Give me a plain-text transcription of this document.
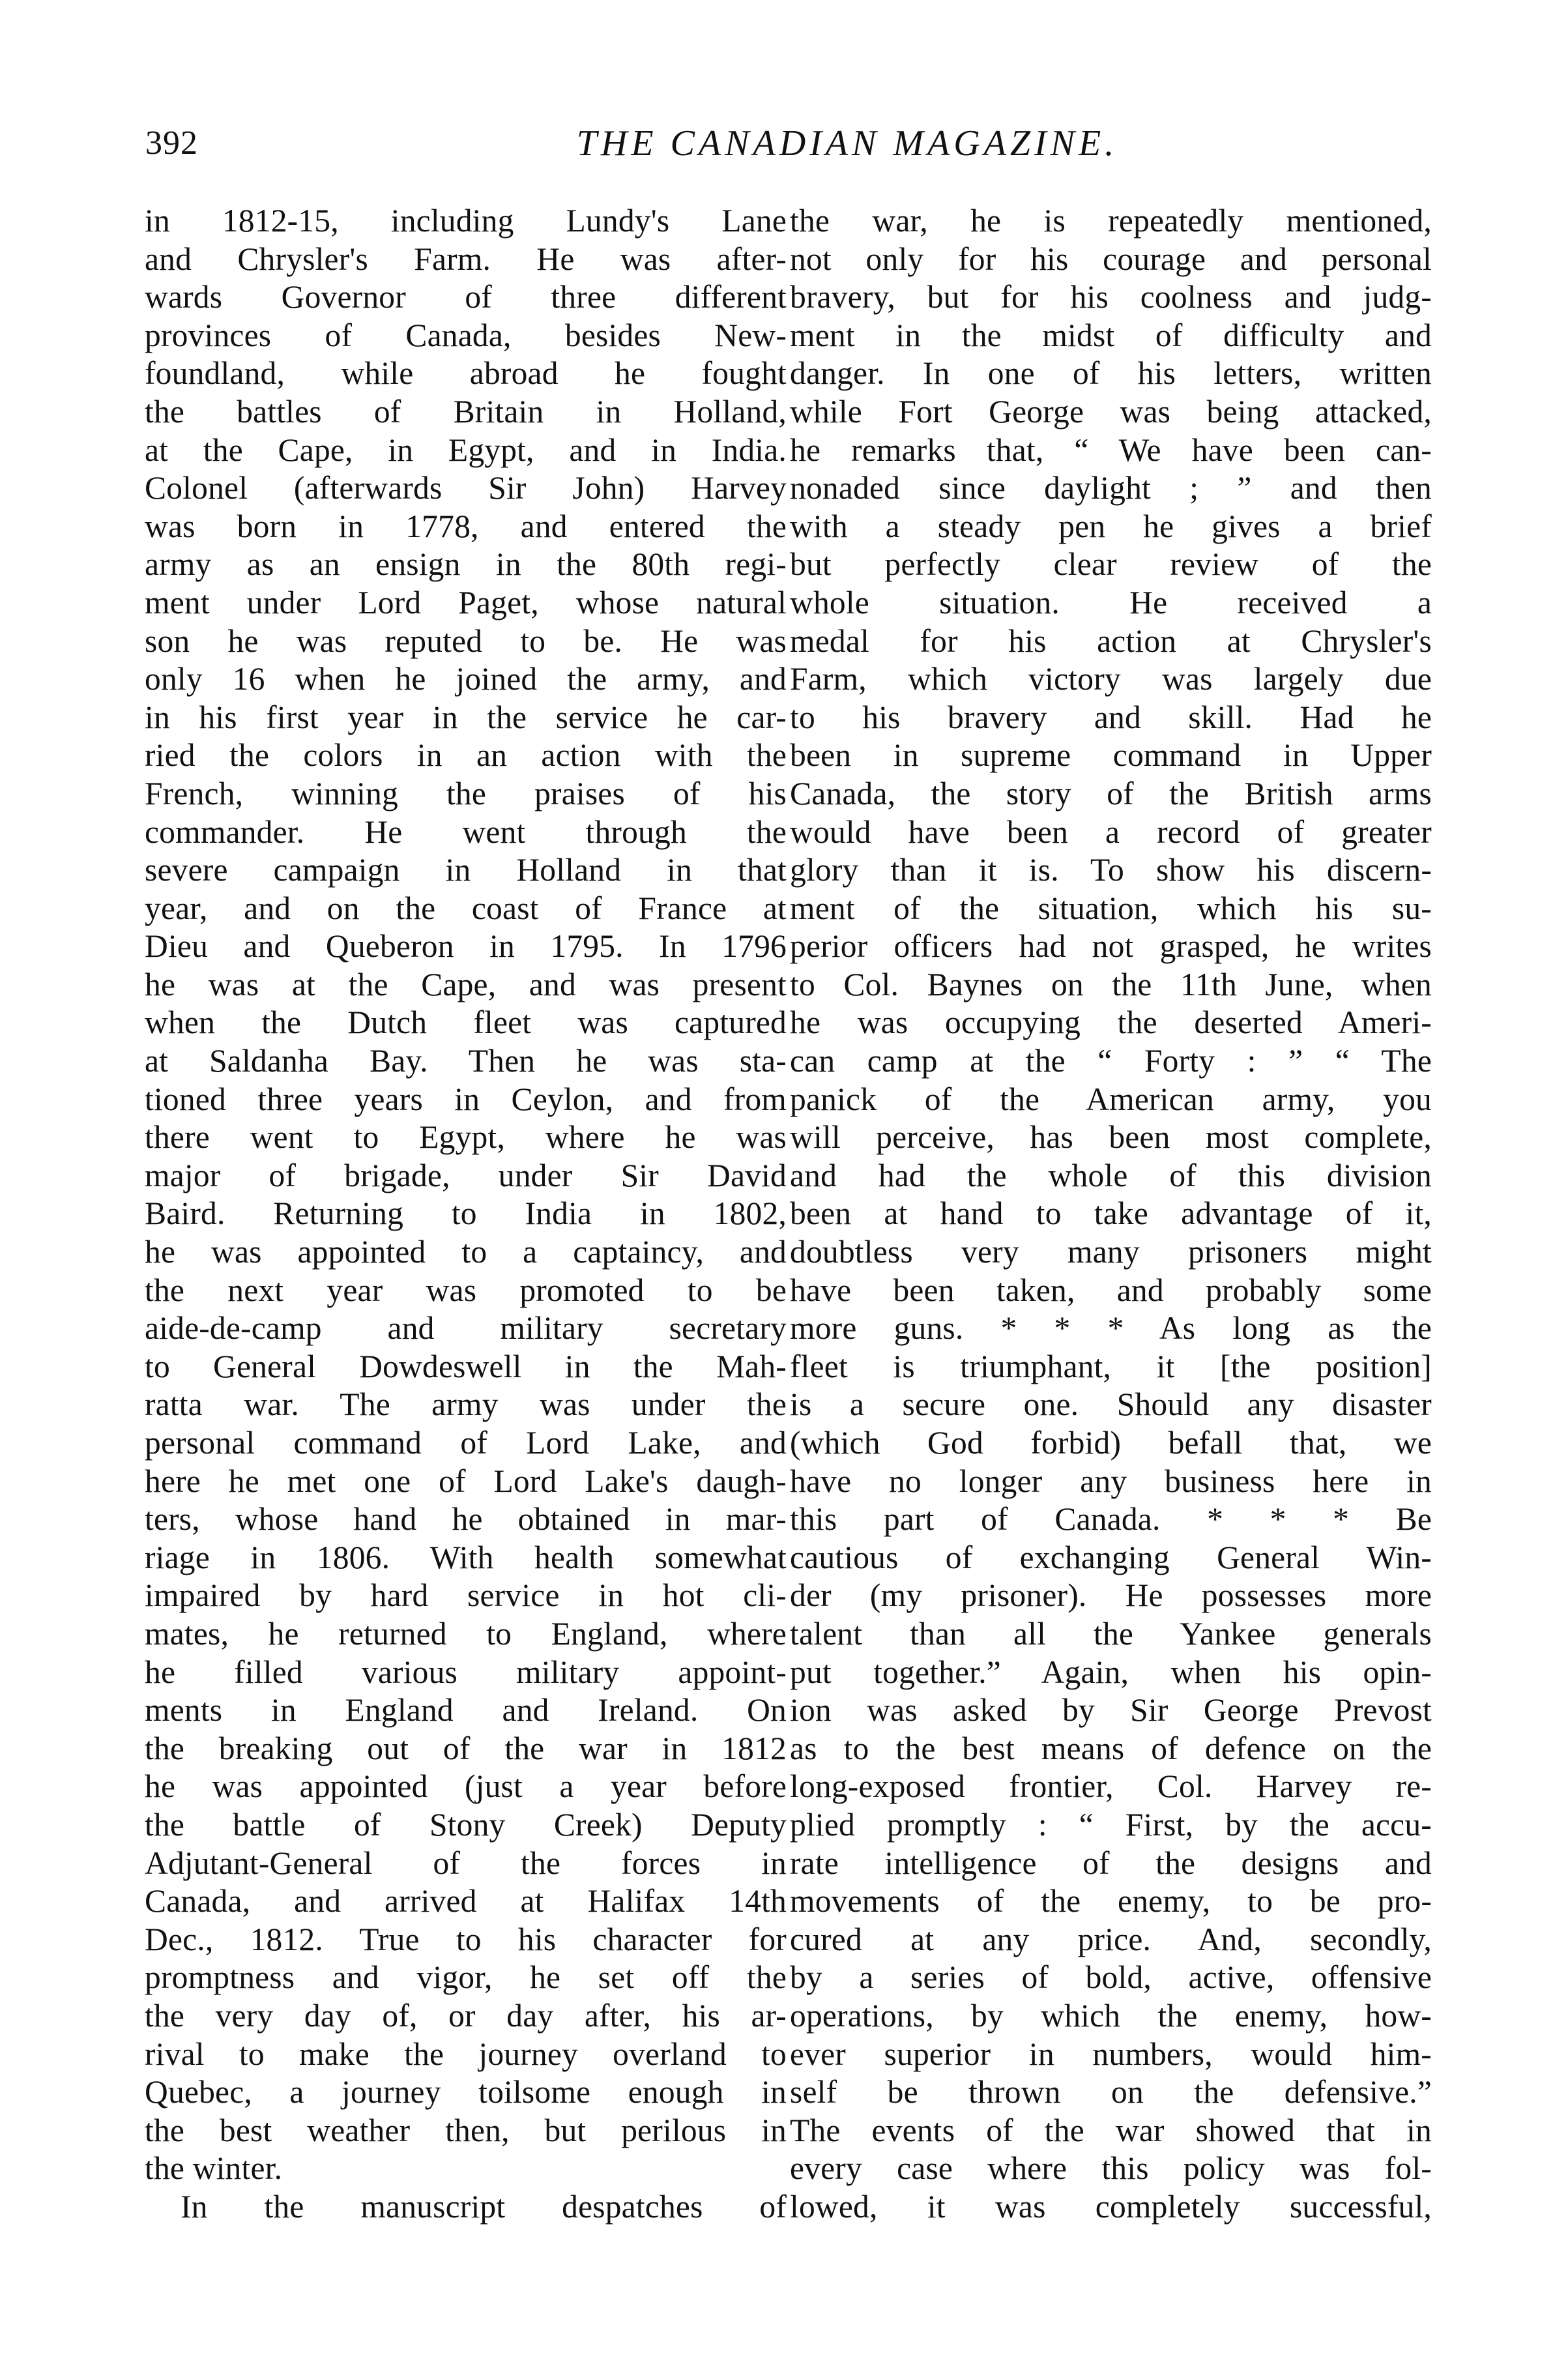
392	THE CANADIAN MAGAZINE.
in 1812-15, including Lundy's Lane
and Chrysler's Farm. He was after-
wards Governor of three different
provinces of Canada, besides New-
foundland, while abroad he fought
the battles of Britain in Holland,
at the Cape, in Egypt, and in India.
Colonel (afterwards Sir John) Harvey
was born in 1778, and entered the
army as an ensign in the 80th regi-
ment under Lord Paget, whose natural
son he was reputed to be. He was
only 16 when he joined the army, and
in his first year in the service he car-
ried the colors in an action with the
French, winning the praises of his
commander. He went through the
severe campaign in Holland in that
year, and on the coast of France at
Dieu and Queberon in 1795. In 1796
he was at the Cape, and was present
when the Dutch fleet was captured
at Saldanha Bay. Then he was sta-
tioned three years in Ceylon, and from
there went to Egypt, where he was
major of brigade, under Sir David
Baird. Returning to India in 1802,
he was appointed to a captaincy, and
the next year was promoted to be
aide-de-camp and military secretary
to General Dowdeswell in the Mah-
ratta war. The army was under the
personal command of Lord Lake, and
here he met one of Lord Lake's daugh-
ters, whose hand he obtained in mar-
riage in 1806. With health somewhat
impaired by hard service in hot cli-
mates, he returned to England, where
he filled various military appoint-
ments in England and Ireland. On
the breaking out of the war in 1812
he was appointed (just a year before
the battle of Stony Creek) Deputy
Adjutant-General of the forces in
Canada, and arrived at Halifax 14th
Dec., 1812. True to his character for
promptness and vigor, he set off the
the very day of, or day after, his ar-
rival to make the journey overland to
Quebec, a journey toilsome enough in
the best weather then, but perilous in
the winter.
In the manuscript despatches of
the war, he is repeatedly mentioned,
not only for his courage and personal
bravery, but for his coolness and judg-
ment in the midst of difficulty and
danger. In one of his letters, written
while Fort George was being attacked,
he remarks that, “ We have been can-
nonaded since daylight ; ” and then
with a steady pen he gives a brief
but perfectly clear review of the
whole situation. He received a
medal for his action at Chrysler's
Farm, which victory was largely due
to his bravery and skill. Had he
been in supreme command in Upper
Canada, the story of the British arms
would have been a record of greater
glory than it is. To show his discern-
ment of the situation, which his su-
perior officers had not grasped, he writes
to Col. Baynes on the 11th June, when
he was occupying the deserted Ameri-
can camp at the “ Forty : ” “ The
panick of the American army, you
will perceive, has been most complete,
and had the whole of this division
been at hand to take advantage of it,
doubtless very many prisoners might
have been taken, and probably some
more guns. * * * As long as the
fleet is triumphant, it [the position]
is a secure one. Should any disaster
(which God forbid) befall that, we
have no longer any business here in
this part of Canada. * * * Be
cautious of exchanging General Win-
der (my prisoner). He possesses more
talent than all the Yankee generals
put together.” Again, when his opin-
ion was asked by Sir George Prevost
as to the best means of defence on the
long-exposed frontier, Col. Harvey re-
plied promptly : “ First, by the accu-
rate intelligence of the designs and
movements of the enemy, to be pro-
cured at any price. And, secondly,
by a series of bold, active, offensive
operations, by which the enemy, how-
ever superior in numbers, would him-
self be thrown on the defensive.”
The events of the war showed that in
every case where this policy was fol-
lowed, it was completely successful,
